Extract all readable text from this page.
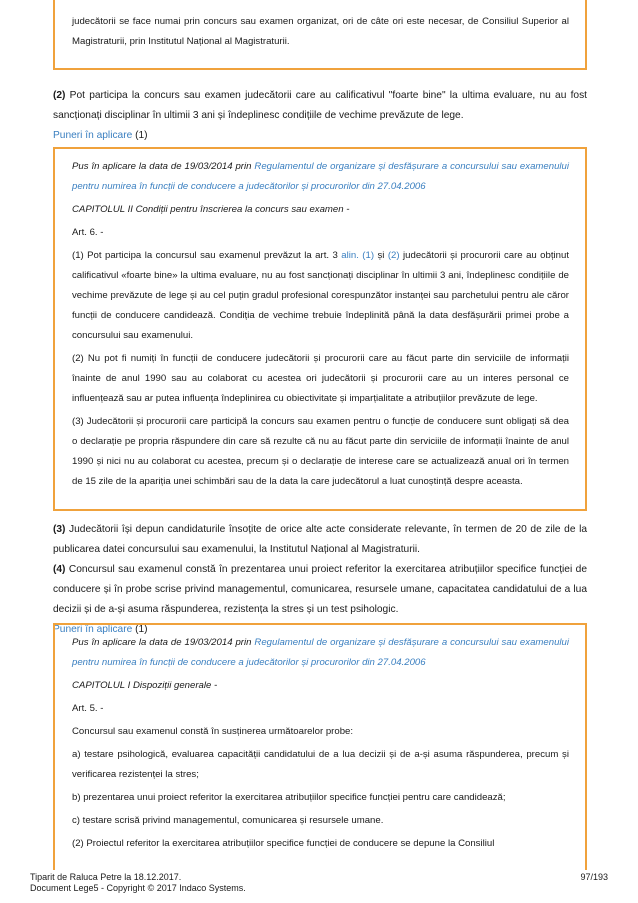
judecătorii se face numai prin concurs sau examen organizat, ori de câte ori este necesar, de Consiliul Superior al Magistraturii, prin Institutul Național al Magistraturii.
(2) Pot participa la concurs sau examen judecătorii care au calificativul "foarte bine" la ultima evaluare, nu au fost sancționați disciplinar în ultimii 3 ani și îndeplinesc condițiile de vechime prevăzute de lege.
Puneri în aplicare (1)
Pus în aplicare la data de 19/03/2014 prin Regulamentul de organizare și desfășurare a concursului sau examenului pentru numirea în funcții de conducere a judecătorilor și procurorilor din 27.04.2006
CAPITOLUL II Condiții pentru înscrierea la concurs sau examen -
Art. 6. -
(1) Pot participa la concursul sau examenul prevăzut la art. 3 alin. (1) și (2) judecătorii și procurorii care au obținut calificativul «foarte bine» la ultima evaluare, nu au fost sancționați disciplinar în ultimii 3 ani, îndeplinesc condițiile de vechime prevăzute de lege și au cel puțin gradul profesional corespunzător instanței sau parchetului pentru ale căror funcții de conducere candidează. Condiția de vechime trebuie îndeplinită până la data desfășurării primei probe a concursului sau examenului.
(2) Nu pot fi numiți în funcții de conducere judecătorii și procurorii care au făcut parte din serviciile de informații înainte de anul 1990 sau au colaborat cu acestea ori judecătorii și procurorii care au un interes personal ce influențează sau ar putea influența îndeplinirea cu obiectivitate și imparțialitate a atribuțiilor prevăzute de lege.
(3) Judecătorii și procurorii care participă la concurs sau examen pentru o funcție de conducere sunt obligați să dea o declarație pe propria răspundere din care să rezulte că nu au făcut parte din serviciile de informații înainte de anul 1990 și nici nu au colaborat cu acestea, precum și o declarație de interese care se actualizează anual ori în termen de 15 zile de la apariția unei schimbări sau de la data la care judecătorul a luat cunoștință despre aceasta.
(3) Judecătorii își depun candidaturile însoțite de orice alte acte considerate relevante, în termen de 20 de zile de la publicarea datei concursului sau examenului, la Institutul Național al Magistraturii.
(4) Concursul sau examenul constă în prezentarea unui proiect referitor la exercitarea atribuțiilor specifice funcției de conducere și în probe scrise privind managementul, comunicarea, resursele umane, capacitatea candidatului de a lua decizii și de a-și asuma răspunderea, rezistența la stres și un test psihologic.
Puneri în aplicare (1)
Pus în aplicare la data de 19/03/2014 prin Regulamentul de organizare și desfășurare a concursului sau examenului pentru numirea în funcții de conducere a judecătorilor și procurorilor din 27.04.2006
CAPITOLUL I Dispoziții generale -
Art. 5. -
Concursul sau examenul constă în susținerea următoarelor probe:
a) testare psihologică, evaluarea capacității candidatului de a lua decizii și de a-și asuma răspunderea, precum și verificarea rezistenței la stres;
b) prezentarea unui proiect referitor la exercitarea atribuțiilor specifice funcției pentru care candidează;
c) testare scrisă privind managementul, comunicarea și resursele umane.
(2) Proiectul referitor la exercitarea atribuțiilor specifice funcției de conducere se depune la Consiliul
Tiparit de Raluca Petre la 18.12.2017.
Document Lege5 - Copyright © 2017 Indaco Systems.
97/193
